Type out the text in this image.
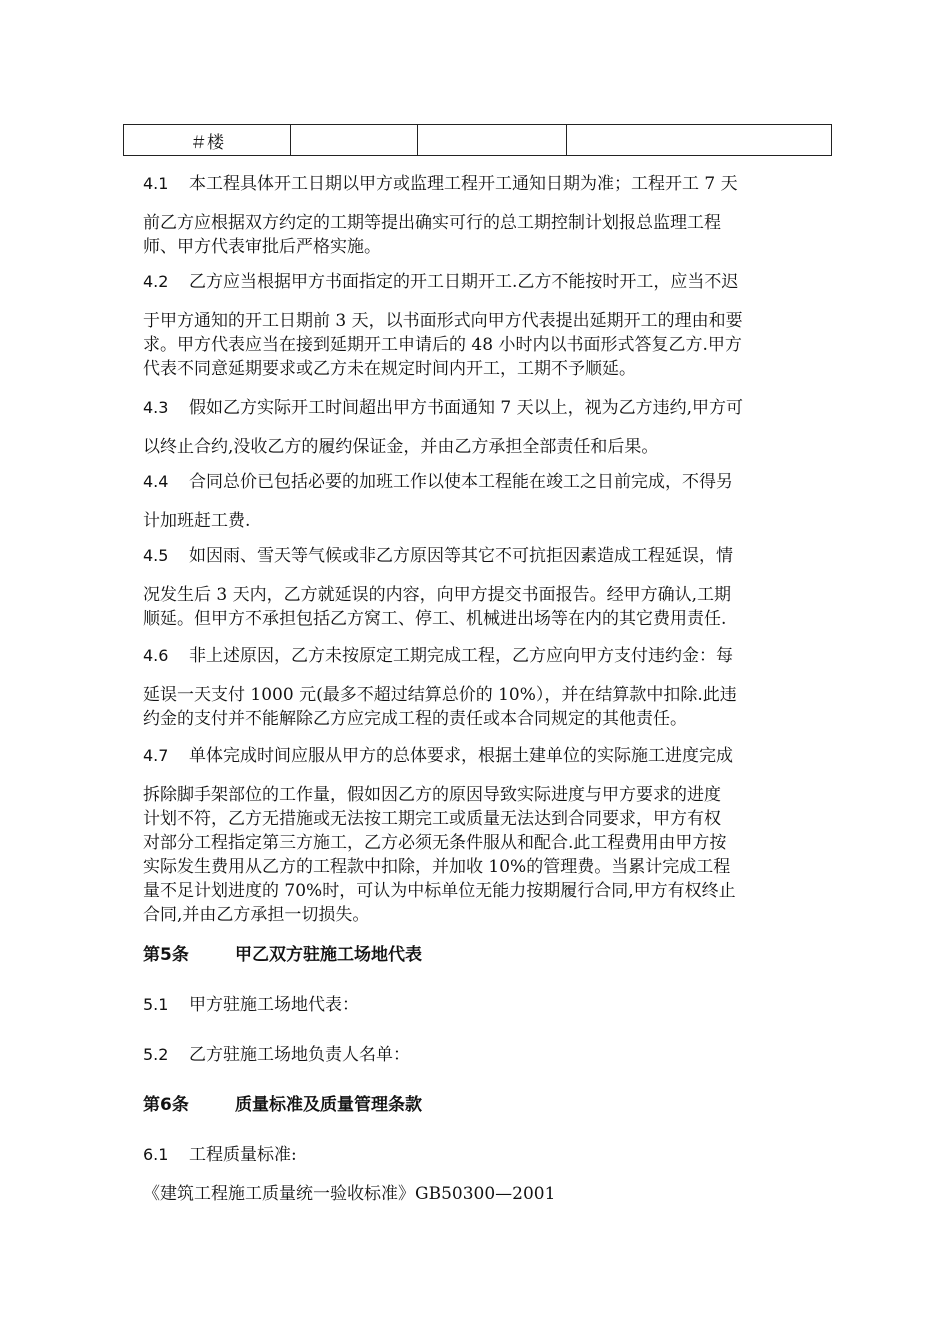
＃楼			
4.1 本工程具体开工日期以甲方或监理工程开工通知日期为准；工程开工 7 天
前乙方应根据双方约定的工期等提出确实可行的总工期控制计划报总监理工程
师、甲方代表审批后严格实施。
4.2 乙方应当根据甲方书面指定的开工日期开工.乙方不能按时开工，应当不迟
于甲方通知的开工日期前 3 天，以书面形式向甲方代表提出延期开工的理由和要
求。甲方代表应当在接到延期开工申请后的 48 小时内以书面形式答复乙方.甲方
代表不同意延期要求或乙方未在规定时间内开工，工期不予顺延。
4.3 假如乙方实际开工时间超出甲方书面通知 7 天以上，视为乙方违约,甲方可
以终止合约,没收乙方的履约保证金，并由乙方承担全部责任和后果。
4.4 合同总价已包括必要的加班工作以使本工程能在竣工之日前完成，不得另
计加班赶工费.
4.5 如因雨、雪天等气候或非乙方原因等其它不可抗拒因素造成工程延误，情
况发生后 3 天内，乙方就延误的内容，向甲方提交书面报告。经甲方确认,工期
顺延。但甲方不承担包括乙方窝工、停工、机械进出场等在内的其它费用责任.
4.6 非上述原因，乙方未按原定工期完成工程，乙方应向甲方支付违约金：每
延误一天支付 1000 元(最多不超过结算总价的 10%），并在结算款中扣除.此违
约金的支付并不能解除乙方应完成工程的责任或本合同规定的其他责任。
4.7 单体完成时间应服从甲方的总体要求，根据土建单位的实际施工进度完成
拆除脚手架部位的工作量，假如因乙方的原因导致实际进度与甲方要求的进度
计划不符，乙方无措施或无法按工期完工或质量无法达到合同要求，甲方有权
对部分工程指定第三方施工，乙方必须无条件服从和配合.此工程费用由甲方按
实际发生费用从乙方的工程款中扣除，并加收 10%的管理费。当累计完成工程
量不足计划进度的 70%时，可认为中标单位无能力按期履行合同,甲方有权终止
合同,并由乙方承担一切损失。
第5条	甲乙双方驻施工场地代表
5.1 甲方驻施工场地代表：
5.2 乙方驻施工场地负责人名单：
第6条	质量标准及质量管理条款
6.1 工程质量标准:
《建筑工程施工质量统一验收标准》GB50300—2001
